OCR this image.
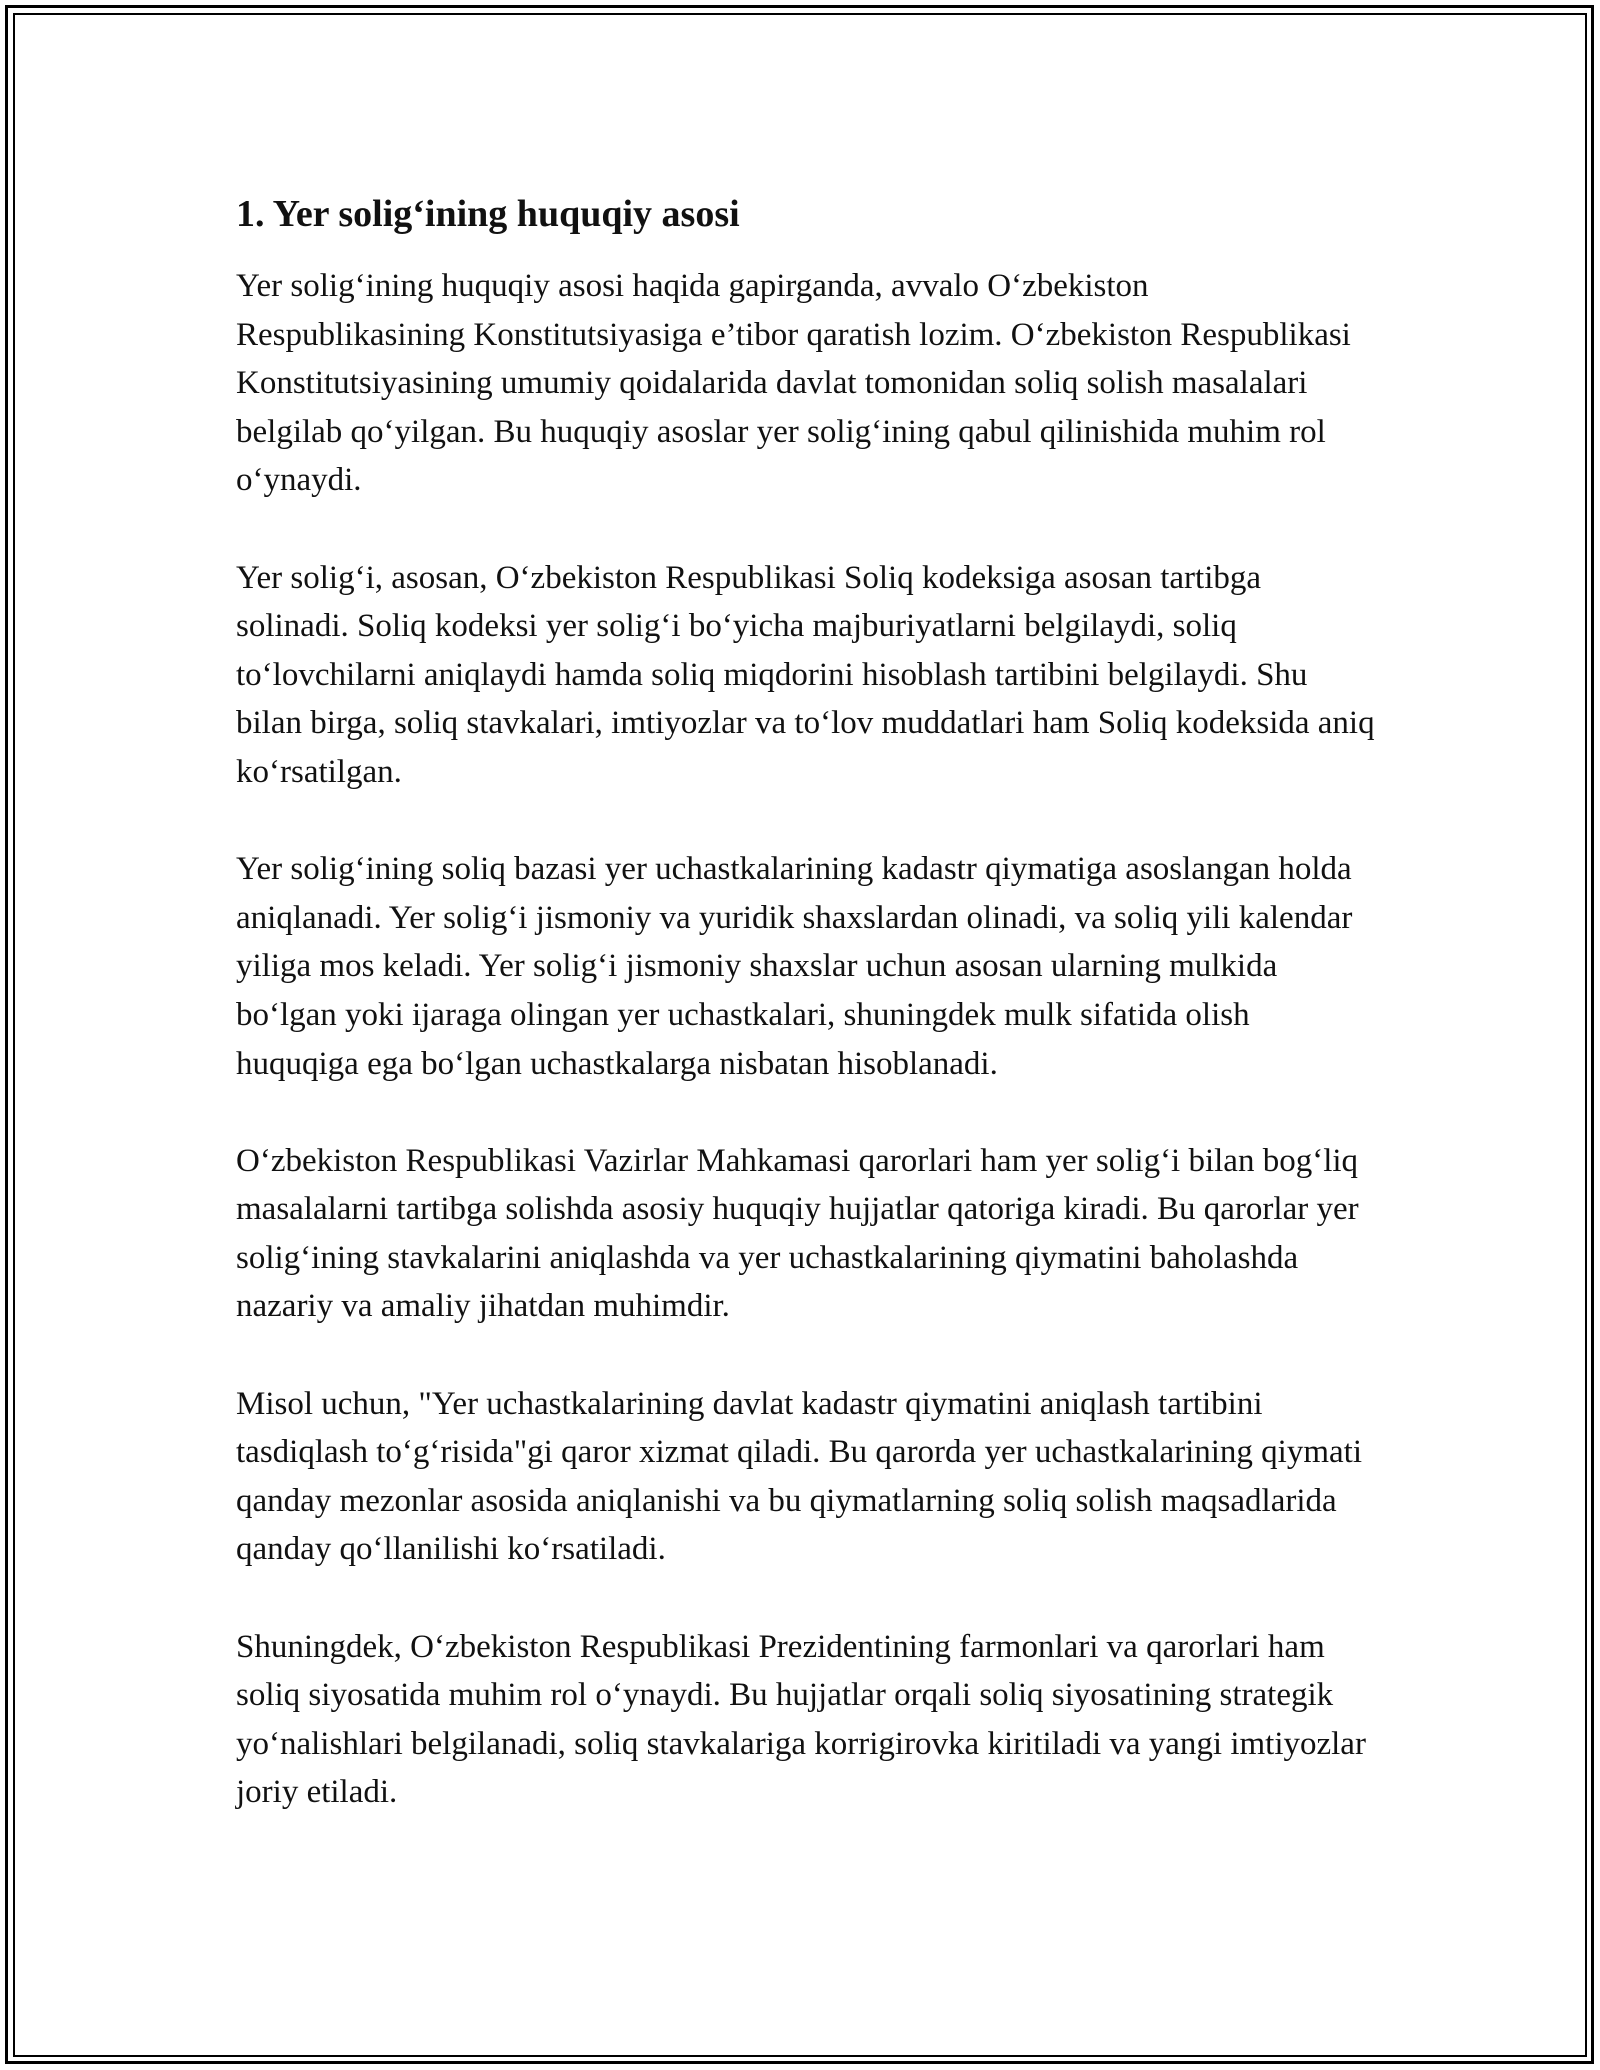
1. Yer solig‘ining huquqiy asosi

Yer solig‘ining huquqiy asosi haqida gapirganda, avvalo O‘zbekiston Respublikasining Konstitutsiyasiga e’tibor qaratish lozim. O‘zbekiston Respublikasi Konstitutsiyasining umumiy qoidalarida davlat tomonidan soliq solish masalalari belgilab qo‘yilgan. Bu huquqiy asoslar yer solig‘ining qabul qilinishida muhim rol o‘ynaydi.

Yer solig‘i, asosan, O‘zbekiston Respublikasi Soliq kodeksiga asosan tartibga solinadi. Soliq kodeksi yer solig‘i bo‘yicha majburiyatlarni belgilaydi, soliq to‘lovchilarni aniqlaydi hamda soliq miqdorini hisoblash tartibini belgilaydi. Shu bilan birga, soliq stavkalari, imtiyozlar va to‘lov muddatlari ham Soliq kodeksida aniq ko‘rsatilgan.

Yer solig‘ining soliq bazasi yer uchastkalarining kadastr qiymatiga asoslangan holda aniqlanadi. Yer solig‘i jismoniy va yuridik shaxslardan olinadi, va soliq yili kalendar yiliga mos keladi. Yer solig‘i jismoniy shaxslar uchun asosan ularning mulkida bo‘lgan yoki ijaraga olingan yer uchastkalari, shuningdek mulk sifatida olish huquqiga ega bo‘lgan uchastkalarga nisbatan hisoblanadi.

O‘zbekiston Respublikasi Vazirlar Mahkamasi qarorlari ham yer solig‘i bilan bog‘liq masalalarni tartibga solishda asosiy huquqiy hujjatlar qatoriga kiradi. Bu qarorlar yer solig‘ining stavkalarini aniqlashda va yer uchastkalarining qiymatini baholashda nazariy va amaliy jihatdan muhimdir.

Misol uchun, "Yer uchastkalarining davlat kadastr qiymatini aniqlash tartibini tasdiqlash to‘g‘risida"gi qaror xizmat qiladi. Bu qarorda yer uchastkalarining qiymati qanday mezonlar asosida aniqlanishi va bu qiymatlarning soliq solish maqsadlarida qanday qo‘llanilishi ko‘rsatiladi.

Shuningdek, O‘zbekiston Respublikasi Prezidentining farmonlari va qarorlari ham soliq siyosatida muhim rol o‘ynaydi. Bu hujjatlar orqali soliq siyosatining strategik yo‘nalishlari belgilanadi, soliq stavkalariga korrigirovka kiritiladi va yangi imtiyozlar joriy etiladi.
